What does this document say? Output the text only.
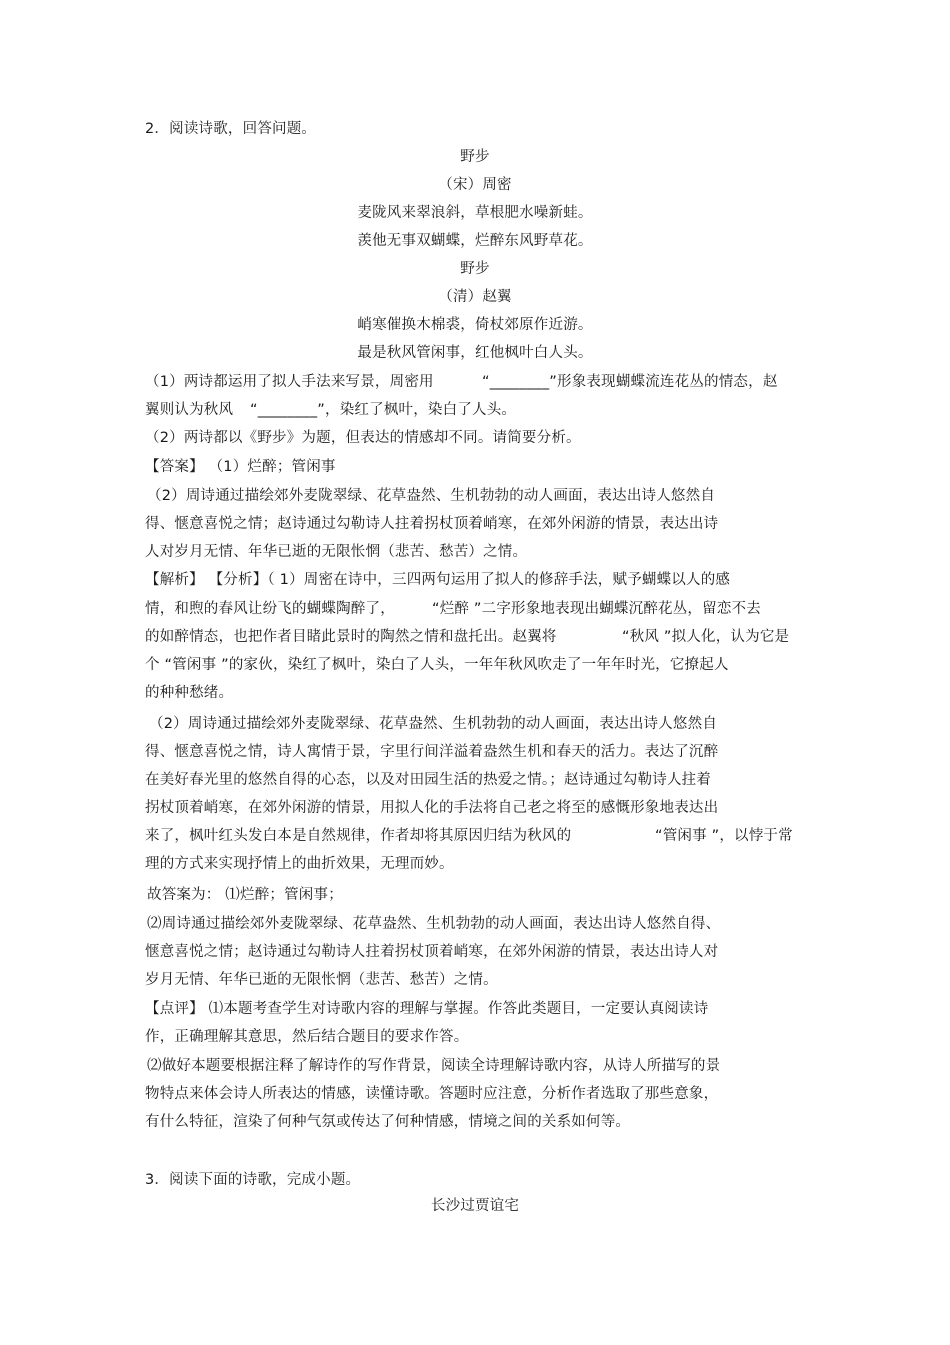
2．阅读诗歌，回答问题。
野步
（宋）周密
麦陇风来翠浪斜，草根肥水噪新蛙。
羡他无事双蝴蝶，烂醉东风野草花。
野步
（清）赵翼
峭寒催换木棉裘，倚杖郊原作近游。
最是秋风管闲事，红他枫叶白人头。
（1）两诗都运用了拟人手法来写景，周密用	“________”形象表现蝴蝶流连花丛的情态，赵
翼则认为秋风 “________”，染红了枫叶，染白了人头。
（2）两诗都以《野步》为题，但表达的情感却不同。请简要分析。
【答案】 （1）烂醉；管闲事
（2）周诗通过描绘郊外麦陇翠绿、花草盎然、生机勃勃的动人画面，表达出诗人悠然自
得、惬意喜悦之情；赵诗通过勾勒诗人拄着拐杖顶着峭寒，在郊外闲游的情景，表达出诗
人对岁月无情、年华已逝的无限怅惘（悲苦、愁苦）之情。
【解析】 【分析】（ 1）周密在诗中，三四两句运用了拟人的修辞手法，赋予蝴蝶以人的感
情，和煦的春风让纷飞的蝴蝶陶醉了，	“烂醉 ”二字形象地表现出蝴蝶沉醉花丛，留恋不去
的如醉情态，也把作者目睹此景时的陶然之情和盘托出。赵翼将	“秋风 ”拟人化，认为它是
个 “管闲事 ”的家伙，染红了枫叶，染白了人头，一年年秋风吹走了一年年时光，它撩起人
的种种愁绪。
（2）周诗通过描绘郊外麦陇翠绿、花草盎然、生机勃勃的动人画面，表达出诗人悠然自
得、惬意喜悦之情，诗人寓情于景，字里行间洋溢着盎然生机和春天的活力。表达了沉醉
在美好春光里的悠然自得的心态，以及对田园生活的热爱之情。；赵诗通过勾勒诗人拄着
拐杖顶着峭寒，在郊外闲游的情景，用拟人化的手法将自己老之将至的感慨形象地表达出
来了，枫叶红头发白本是自然规律，作者却将其原因归结为秋风的	“管闲事 ”，以悖于常
理的方式来实现抒情上的曲折效果，无理而妙。
故答案为： ⑴烂醉；管闲事；
⑵周诗通过描绘郊外麦陇翠绿、花草盎然、生机勃勃的动人画面，表达出诗人悠然自得、
惬意喜悦之情；赵诗通过勾勒诗人拄着拐杖顶着峭寒，在郊外闲游的情景，表达出诗人对
岁月无情、年华已逝的无限怅惘（悲苦、愁苦）之情。
【点评】 ⑴本题考查学生对诗歌内容的理解与掌握。作答此类题目，一定要认真阅读诗
作，正确理解其意思，然后结合题目的要求作答。
⑵做好本题要根据注释了解诗作的写作背景，阅读全诗理解诗歌内容，从诗人所描写的景
物特点来体会诗人所表达的情感，读懂诗歌。答题时应注意，分析作者选取了那些意象，
有什么特征，渲染了何种气氛或传达了何种情感，情境之间的关系如何等。
3．阅读下面的诗歌，完成小题。
长沙过贾谊宅
